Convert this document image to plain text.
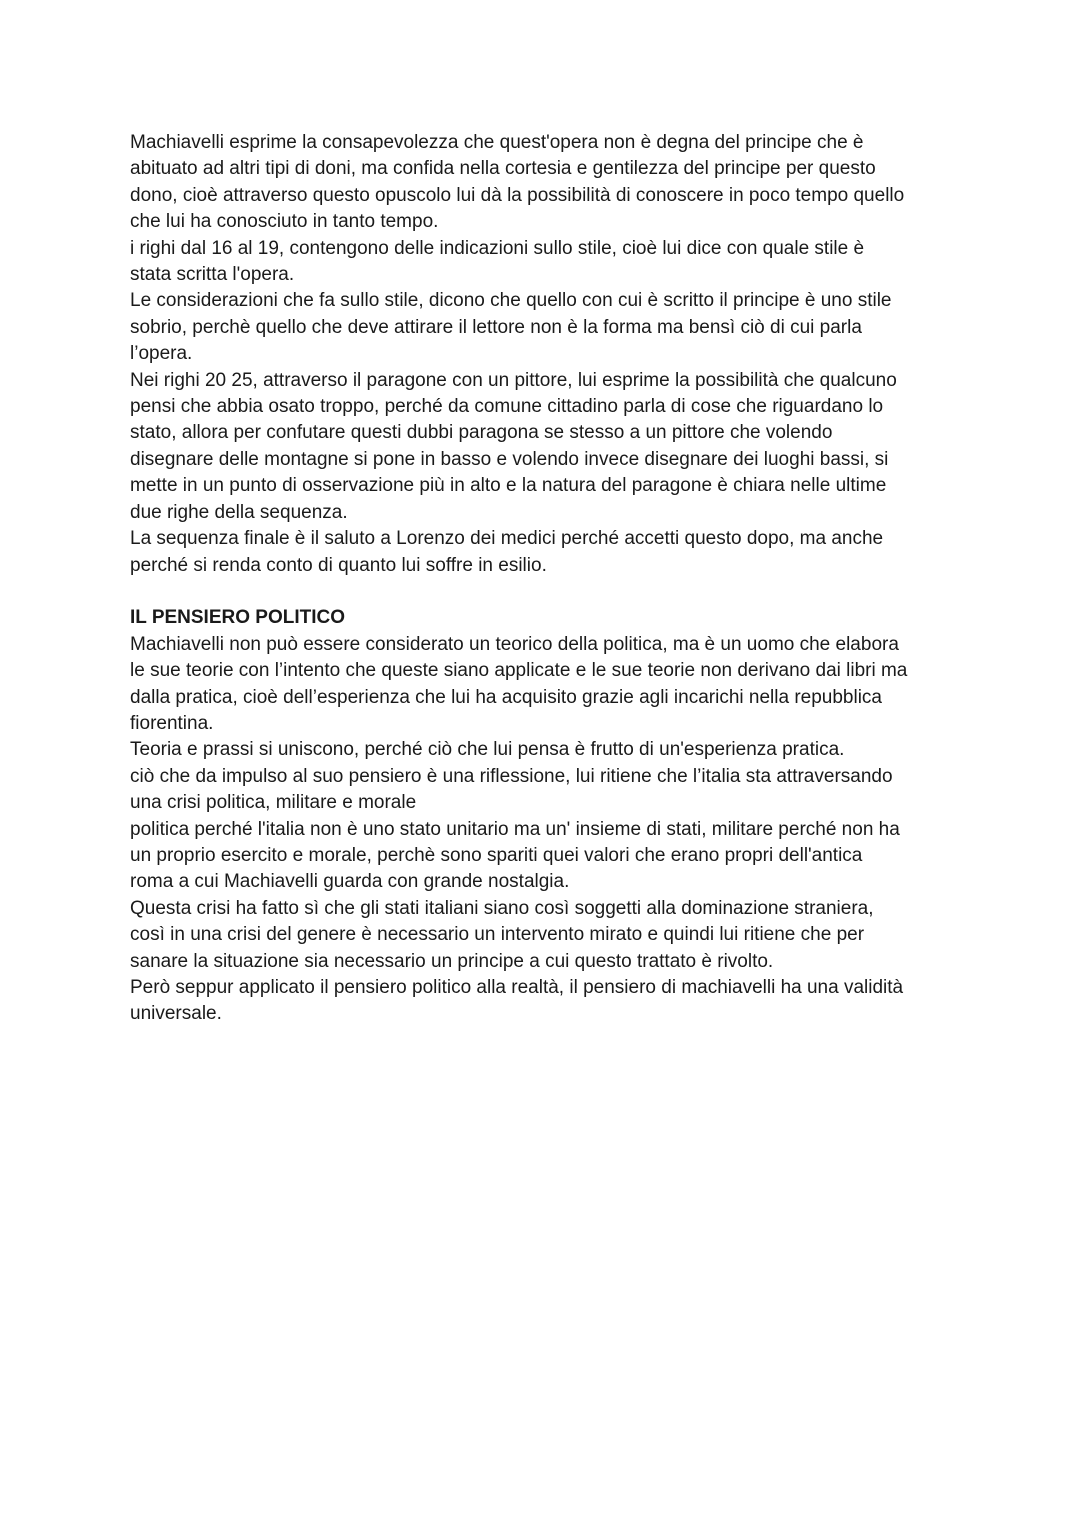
Machiavelli esprime la consapevolezza che quest'opera non è degna del principe che è
abituato ad altri tipi di doni, ma confida nella cortesia e gentilezza del principe per questo
dono, cioè attraverso questo opuscolo lui dà la possibilità di conoscere in poco tempo quello
che lui ha conosciuto in tanto tempo.
i righi dal 16 al 19, contengono delle indicazioni sullo stile, cioè lui dice con quale stile è
stata scritta l'opera.
Le considerazioni che fa sullo stile, dicono che quello con cui è scritto il principe è uno stile
sobrio, perchè quello che deve attirare il lettore non è la forma ma bensì ciò di cui parla
l’opera.
Nei righi 20 25, attraverso il paragone con un pittore, lui esprime la possibilità che qualcuno
pensi che abbia osato troppo, perché da comune cittadino parla di cose che riguardano lo
stato, allora per confutare questi dubbi paragona se stesso a un pittore che volendo
disegnare delle montagne si pone in basso e volendo invece disegnare dei luoghi bassi, si
mette in un punto di osservazione più in alto e la natura del paragone è chiara nelle ultime
due righe della sequenza.
La sequenza finale è il saluto a Lorenzo dei medici perché accetti questo dopo, ma anche
perché si renda conto di quanto lui soffre in esilio.
IL PENSIERO POLITICO
Machiavelli non può essere considerato un teorico della politica, ma è un uomo che elabora
le sue teorie con l’intento che queste siano applicate e le sue teorie non derivano dai libri ma
dalla pratica, cioè dell’esperienza che lui ha acquisito grazie agli incarichi nella repubblica
fiorentina.
Teoria e prassi si uniscono, perché ciò che lui pensa è frutto di un'esperienza pratica.
ciò che da impulso al suo pensiero è una riflessione, lui ritiene che l’italia sta attraversando
una crisi politica, militare e morale
politica perché l'italia non è uno stato unitario ma un' insieme di stati, militare perché non ha
un proprio esercito e morale, perchè sono spariti quei valori che erano propri dell'antica
roma a cui Machiavelli guarda con grande nostalgia.
Questa crisi ha fatto sì che gli stati italiani siano così soggetti alla dominazione straniera,
così in una crisi del genere è necessario un intervento mirato e quindi lui ritiene che per
sanare la situazione sia necessario un principe a cui questo trattato è rivolto.
Però seppur applicato il pensiero politico alla realtà, il pensiero di machiavelli ha una validità
universale.
